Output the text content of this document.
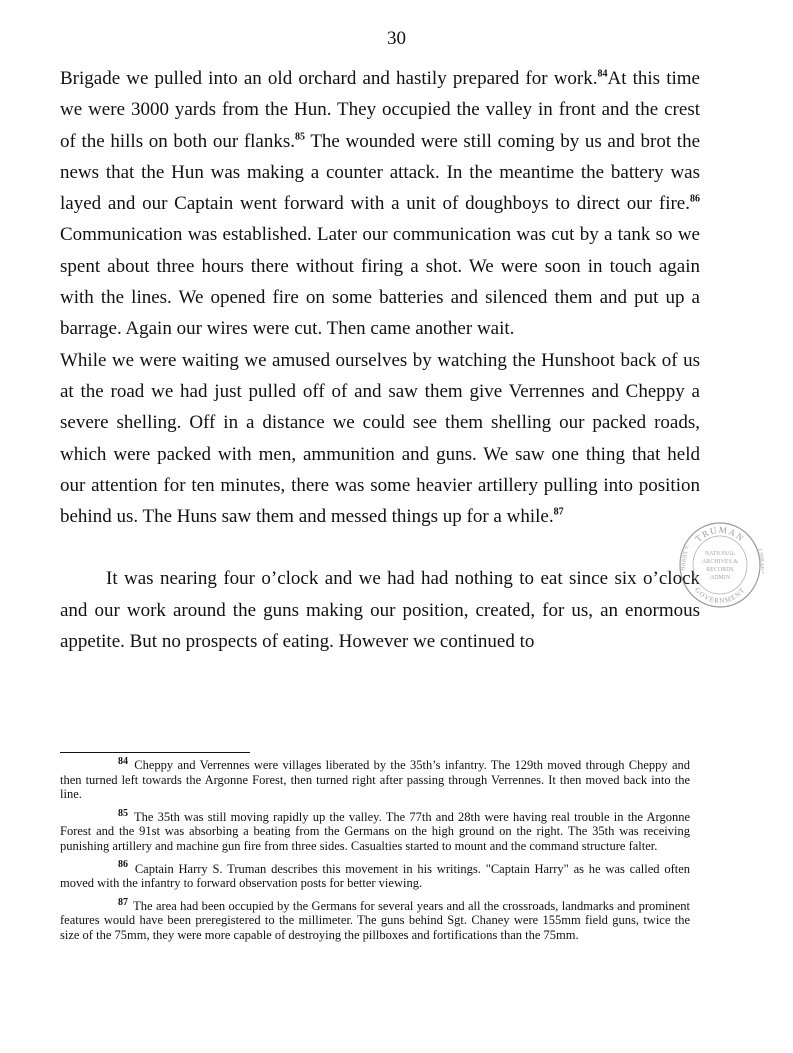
30

Brigade we pulled into an old orchard and hastily prepared for work.$^{84}$At this time we were 3000 yards from the Hun. They occupied the valley in front and the crest of the hills on both our flanks.$^{85}$ The wounded were still coming by us and brot the news that the Hun was making a counter attack. In the meantime the battery was layed and our Captain went forward with a unit of doughboys to direct our fire.$^{86}$ Communication was established. Later our communication was cut by a tank so we spent about three hours there without firing a shot. We were soon in touch again with the lines. We opened fire on some batteries and silenced them and put up a barrage. Again our wires were cut. Then came another wait.

While we were waiting we amused ourselves by watching the Hunshoot back of us at the road we had just pulled off of and saw them give Verrennes and Cheppy a severe shelling. Off in a distance we could see them shelling our packed roads, which were packed with men, ammunition and guns. We saw one thing that held our attention for ten minutes, there was some heavier artillery pulling into position behind us. The Huns saw them and messed things up for a while.$^{87}$

It was nearing four o’clock and we had had nothing to eat since six o’clock and our work around the guns making our position, created, for us, an enormous appetite. But no prospects of eating. However we continued to

$^{84}$ Cheppy and Verrennes were villages liberated by the 35th’s infantry. The 129th moved through Cheppy and then turned left towards the Argonne Forest, then turned right after passing through Verrennes. It then moved back into the line.
$^{85}$ The 35th was still moving rapidly up the valley. The 77th and 28th were having real trouble in the Argonne Forest and the 91st was absorbing a beating from the Germans on the high ground on the right. The 35th was receiving punishing artillery and machine gun fire from three sides. Casualties started to mount and the command structure falter.
$^{86}$ Captain Harry S. Truman describes this movement in his writings. "Captain Harry" as he was called often moved with the infantry to forward observation posts for better viewing.
$^{87}$ The area had been occupied by the Germans for several years and all the crossroads, landmarks and prominent features would have been preregistered to the millimeter. The guns behind Sgt. Chaney were 155mm field guns, twice the size of the 75mm, they were more capable of destroying the pillboxes and fortifications than the 75mm.
TRUMAN
GOVERNMENT
HARRY S.	LIBRARY
NATIONAL
ARCHIVES &
RECORDS
ADMIN
